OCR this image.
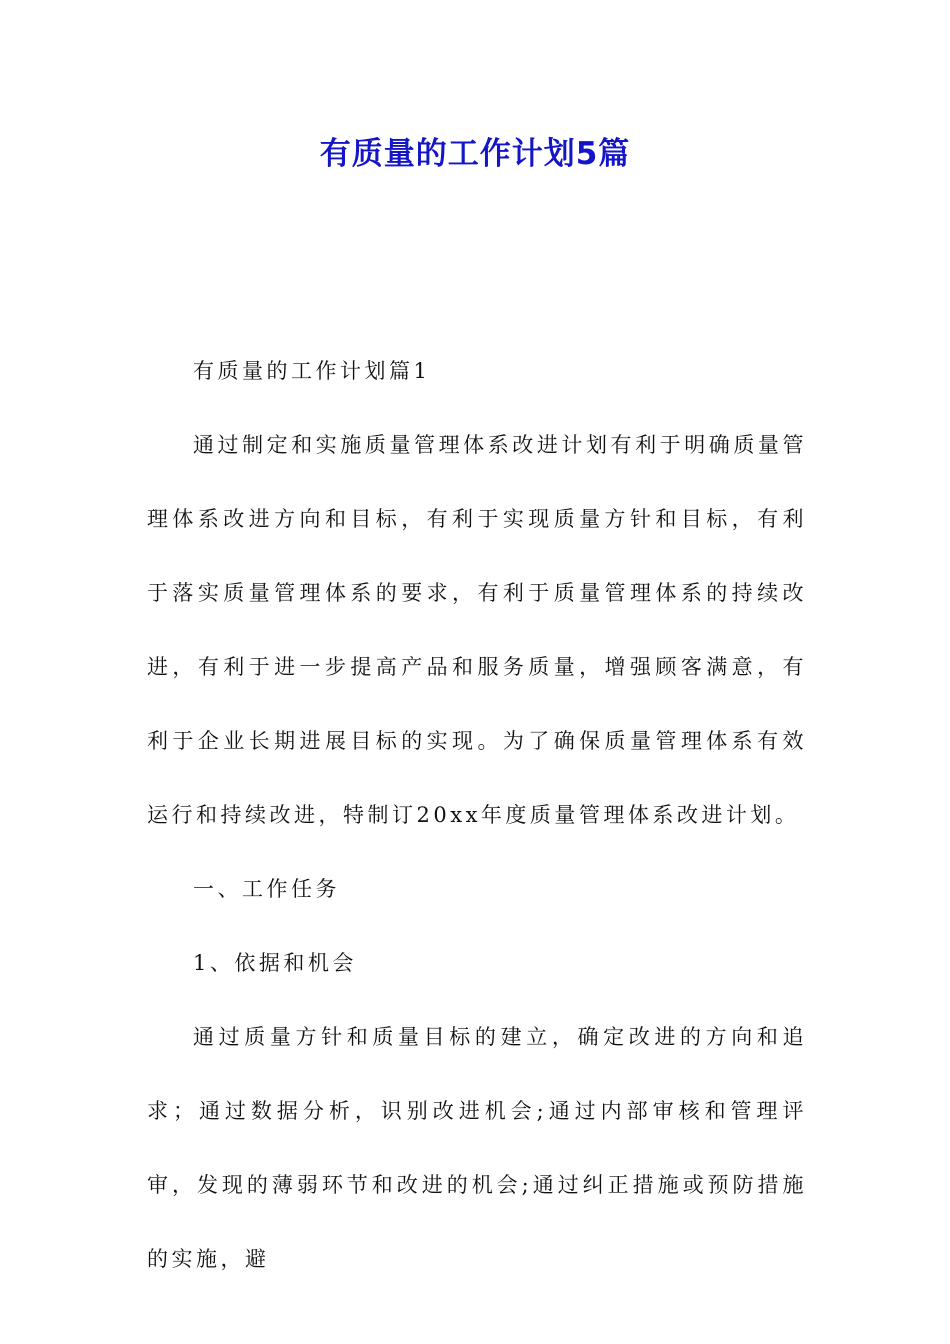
有质量的工作计划5篇

有质量的工作计划篇1

通过制定和实施质量管理体系改进计划有利于明确质量管理体系改进方向和目标，有利于实现质量方针和目标，有利于落实质量管理体系的要求，有利于质量管理体系的持续改进，有利于进一步提高产品和服务质量，增强顾客满意，有利于企业长期进展目标的实现。为了确保质量管理体系有效运行和持续改进，特制订20xx年度质量管理体系改进计划。

一、工作任务

1、依据和机会

通过质量方针和质量目标的建立，确定改进的方向和追求；通过数据分析，识别改进机会;通过内部审核和管理评审，发现的薄弱环节和改进的机会;通过纠正措施或预防措施的实施，避
